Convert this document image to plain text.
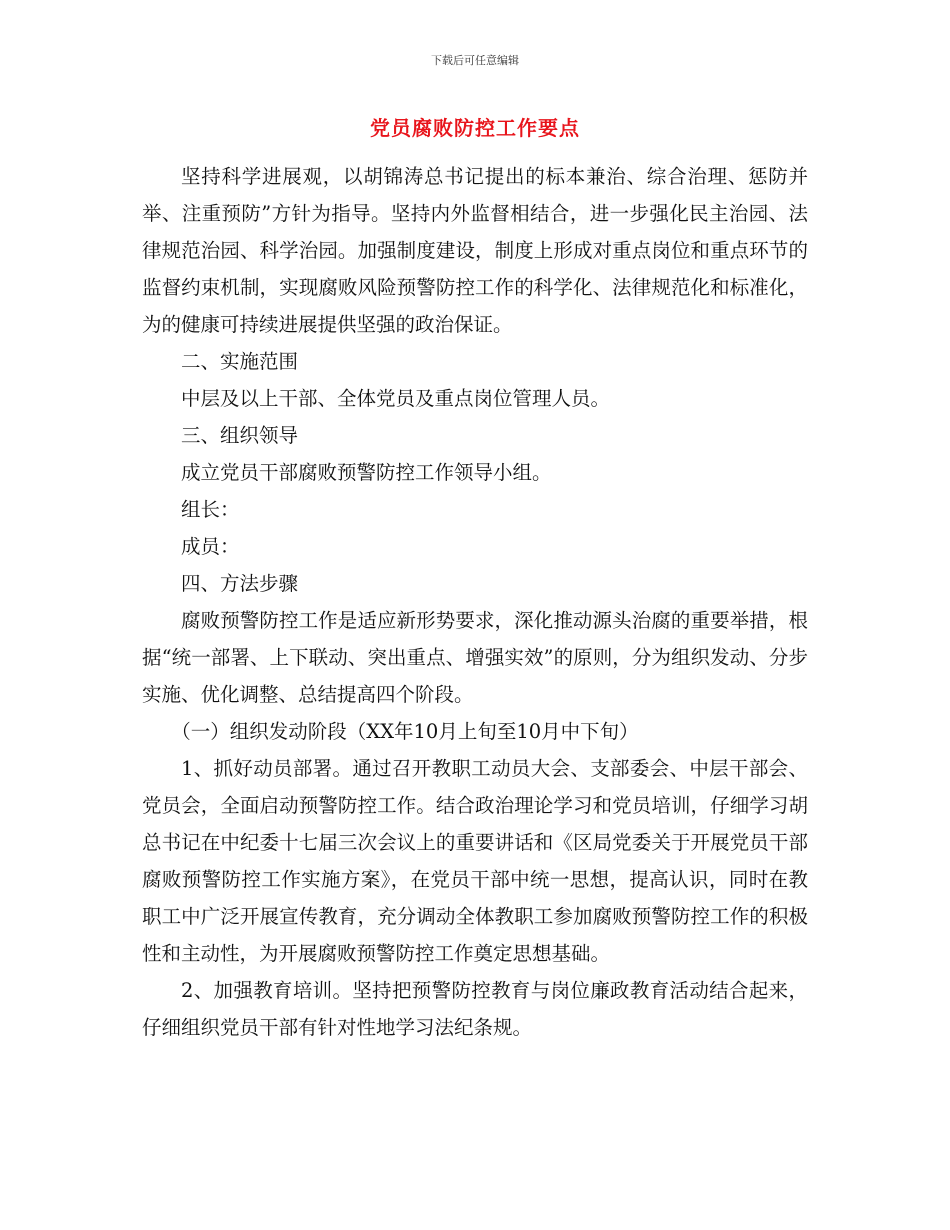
下载后可任意编辑
党员腐败防控工作要点

坚持科学进展观，以胡锦涛总书记提出的标本兼治、综合治理、惩防并举、注重预防”方针为指导。坚持内外监督相结合，进一步强化民主治园、法律规范治园、科学治园。加强制度建设，制度上形成对重点岗位和重点环节的监督约束机制，实现腐败风险预警防控工作的科学化、法律规范化和标准化，为的健康可持续进展提供坚强的政治保证。

二、实施范围

中层及以上干部、全体党员及重点岗位管理人员。

三、组织领导

成立党员干部腐败预警防控工作领导小组。

组长：

成员：

四、方法步骤

腐败预警防控工作是适应新形势要求，深化推动源头治腐的重要举措，根据“统一部署、上下联动、突出重点、增强实效”的原则，分为组织发动、分步实施、优化调整、总结提高四个阶段。

（一）组织发动阶段（XX年10月上旬至10月中下旬）

1、抓好动员部署。通过召开教职工动员大会、支部委会、中层干部会、党员会，全面启动预警防控工作。结合政治理论学习和党员培训，仔细学习胡总书记在中纪委十七届三次会议上的重要讲话和《区局党委关于开展党员干部腐败预警防控工作实施方案》，在党员干部中统一思想，提高认识，同时在教职工中广泛开展宣传教育，充分调动全体教职工参加腐败预警防控工作的积极性和主动性，为开展腐败预警防控工作奠定思想基础。

2、加强教育培训。坚持把预警防控教育与岗位廉政教育活动结合起来，仔细组织党员干部有针对性地学习法纪条规。
